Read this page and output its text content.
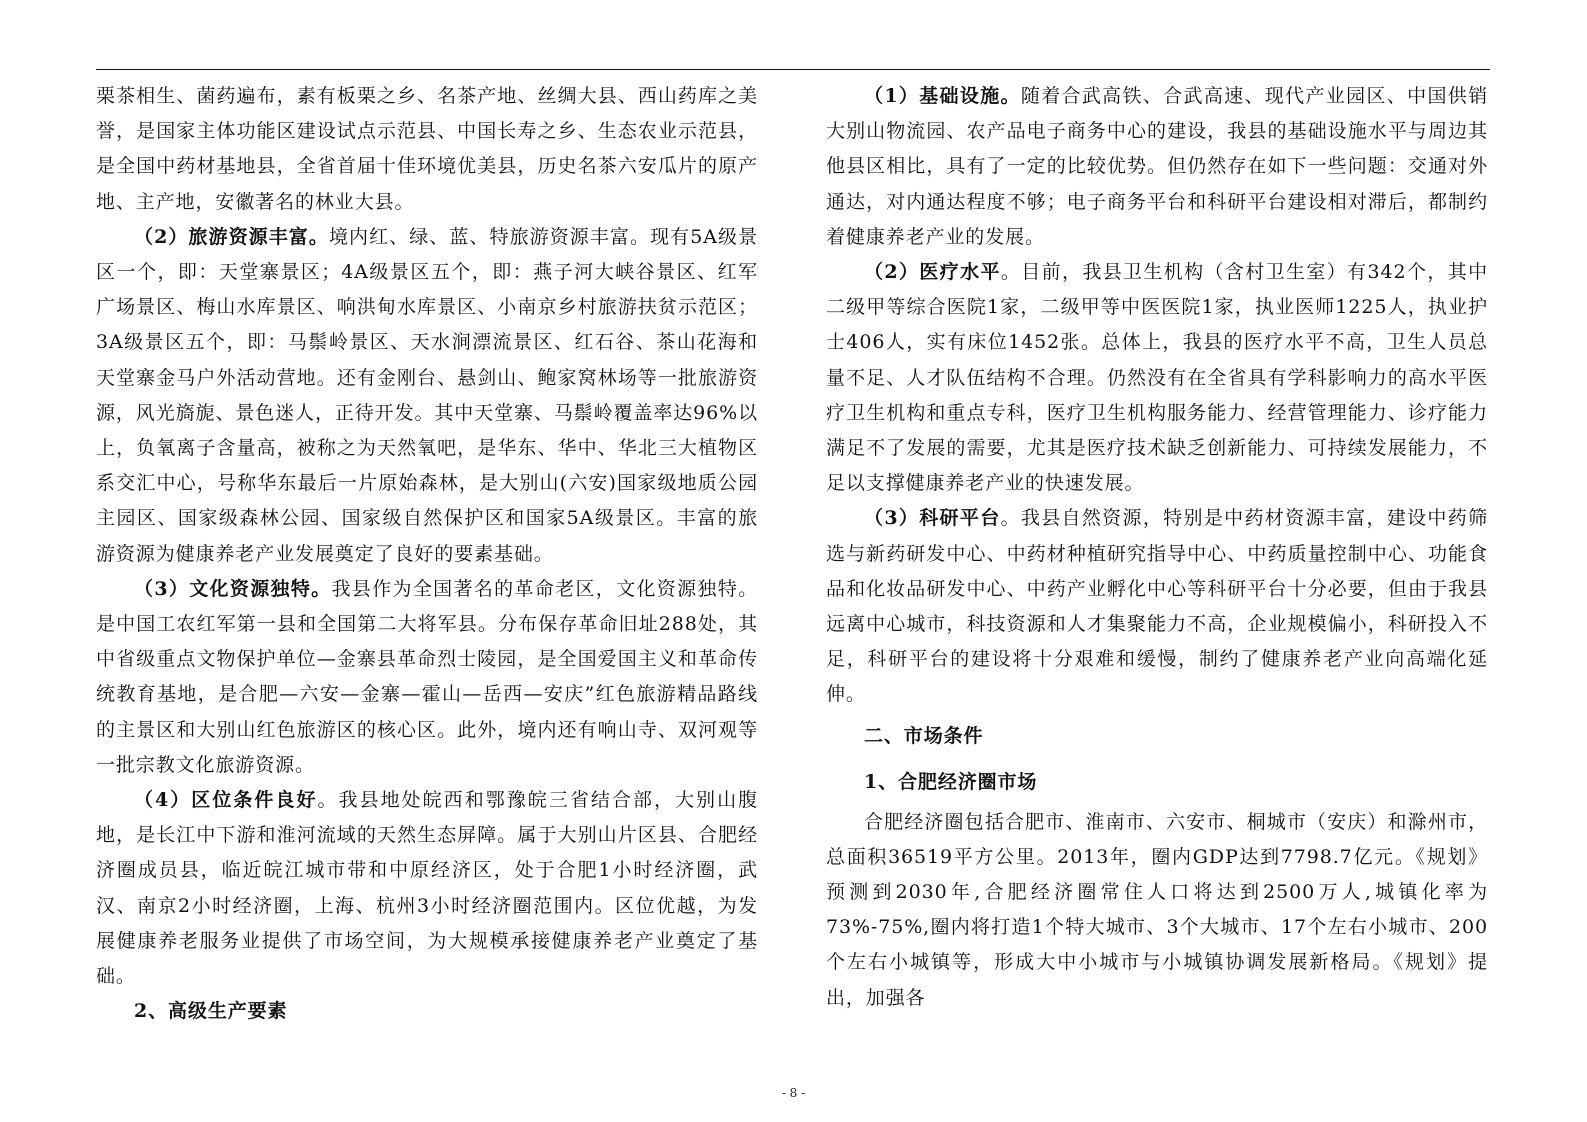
栗茶相生、菌药遍布，素有板栗之乡、名茶产地、丝绸大县、西山药库之美誉，是国家主体功能区建设试点示范县、中国长寿之乡、生态农业示范县，是全国中药材基地县，全省首届十佳环境优美县，历史名茶六安瓜片的原产地、主产地，安徽著名的林业大县。

（2）旅游资源丰富。境内红、绿、蓝、特旅游资源丰富。现有5A级景区一个，即：天堂寨景区；4A级景区五个，即：燕子河大峡谷景区、红军广场景区、梅山水库景区、响洪甸水库景区、小南京乡村旅游扶贫示范区；3A级景区五个，即：马鬃岭景区、天水涧漂流景区、红石谷、茶山花海和天堂寨金马户外活动营地。还有金刚台、悬剑山、鲍家窝林场等一批旅游资源，风光旖旎、景色迷人，正待开发。其中天堂寨、马鬃岭覆盖率达96%以上，负氧离子含量高，被称之为天然氧吧，是华东、华中、华北三大植物区系交汇中心，号称华东最后一片原始森林，是大别山(六安)国家级地质公园主园区、国家级森林公园、国家级自然保护区和国家5A级景区。丰富的旅游资源为健康养老产业发展奠定了良好的要素基础。

（3）文化资源独特。我县作为全国著名的革命老区，文化资源独特。是中国工农红军第一县和全国第二大将军县。分布保存革命旧址288处，其中省级重点文物保护单位—金寨县革命烈士陵园，是全国爱国主义和革命传统教育基地，是合肥—六安—金寨—霍山—岳西—安庆”红色旅游精品路线的主景区和大别山红色旅游区的核心区。此外，境内还有响山寺、双河观等一批宗教文化旅游资源。

（4）区位条件良好。我县地处皖西和鄂豫皖三省结合部，大别山腹地，是长江中下游和淮河流域的天然生态屏障。属于大别山片区县、合肥经济圈成员县，临近皖江城市带和中原经济区，处于合肥1小时经济圈，武汉、南京2小时经济圈，上海、杭州3小时经济圈范围内。区位优越，为发展健康养老服务业提供了市场空间，为大规模承接健康养老产业奠定了基础。

2、高级生产要素

（1）基础设施。随着合武高铁、合武高速、现代产业园区、中国供销大别山物流园、农产品电子商务中心的建设，我县的基础设施水平与周边其他县区相比，具有了一定的比较优势。但仍然存在如下一些问题：交通对外通达，对内通达程度不够；电子商务平台和科研平台建设相对滞后，都制约着健康养老产业的发展。

（2）医疗水平。目前，我县卫生机构（含村卫生室）有342个，其中二级甲等综合医院1家，二级甲等中医医院1家，执业医师1225人，执业护士406人，实有床位1452张。总体上，我县的医疗水平不高，卫生人员总量不足、人才队伍结构不合理。仍然没有在全省具有学科影响力的高水平医疗卫生机构和重点专科，医疗卫生机构服务能力、经营管理能力、诊疗能力满足不了发展的需要，尤其是医疗技术缺乏创新能力、可持续发展能力，不足以支撑健康养老产业的快速发展。

（3）科研平台。我县自然资源，特别是中药材资源丰富，建设中药筛选与新药研发中心、中药材种植研究指导中心、中药质量控制中心、功能食品和化妆品研发中心、中药产业孵化中心等科研平台十分必要，但由于我县远离中心城市，科技资源和人才集聚能力不高，企业规模偏小，科研投入不足，科研平台的建设将十分艰难和缓慢，制约了健康养老产业向高端化延伸。

二、市场条件

1、合肥经济圈市场

合肥经济圈包括合肥市、淮南市、六安市、桐城市（安庆）和滁州市，总面积36519平方公里。2013年，圈内GDP达到7798.7亿元。《规划》预测到2030年,合肥经济圈常住人口将达到2500万人,城镇化率为73%-75%,圈内将打造1个特大城市、3个大城市、17个左右小城市、200个左右小城镇等，形成大中小城市与小城镇协调发展新格局。《规划》提出，加强各

- 8 -
